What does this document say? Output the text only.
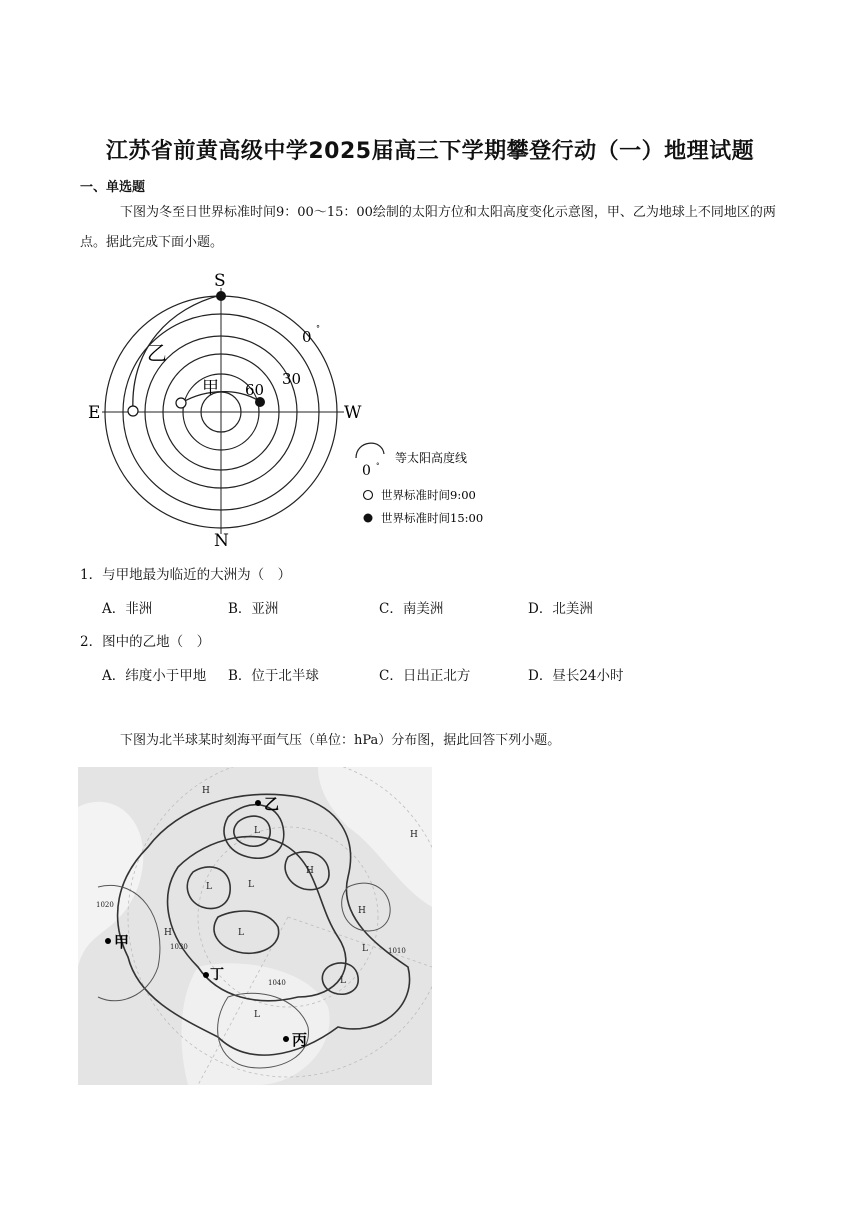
江苏省前黄高级中学2025届高三下学期攀登行动（一）地理试题
一、单选题
下图为冬至日世界标准时间9：00～15：00绘制的太阳方位和太阳高度变化示意图，甲、乙为地球上不同地区的两点。据此完成下面小题。
S
N
E	W
乙
甲
0 °
30
60
0 °
等太阳高度线
世界标准时间9:00
世界标准时间15:00
1．与甲地最为临近的大洲为（　）
A．非洲	B．亚洲	C．南美洲	D．北美洲
2．图中的乙地（　）
A．纬度小于甲地 B．位于北半球	C．日出正北方	D．昼长24小时
下图为北半球某时刻海平面气压（单位：hPa）分布图，据此回答下列小题。
H
L
L	L
L
H
H
L
L
H
H
L
1020
1030
1040
1010
乙
甲
丁
丙
